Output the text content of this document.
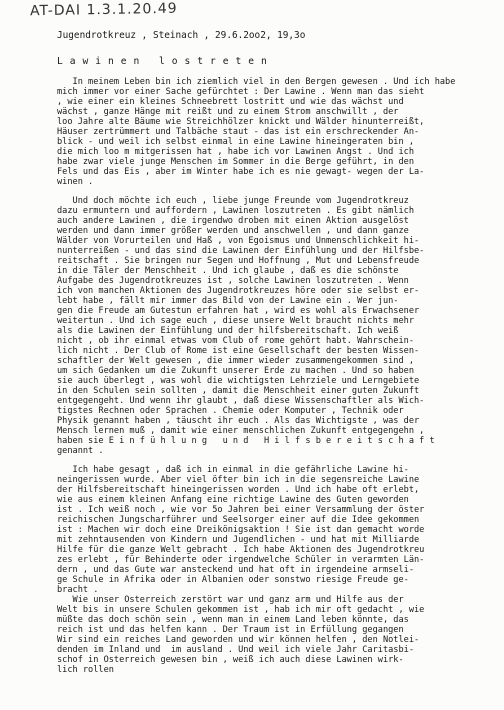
AT-DAI 1.3.1.20.49
Jugendrotkreuz , Steinach , 29.6.2oo2, 19,3o
L a w i n e n   l o s t r e t e n
In meinem Leben bin ich ziemlich viel in den Bergen gewesen . Und ich habe
mich immer vor einer Sache gefürchtet : Der Lawine . Wenn man das sieht
, wie einer ein kleines Schneebrett lostritt und wie das wächst und
wächst , ganze Hänge mit reißt und zu einem Strom anschwillt , der
loo Jahre alte Bäume wie Streichhölzer knickt und Wälder hinunterreißt,
Häuser zertrümmert und Talbäche staut - das ist ein erschreckender An-
blick - und weil ich selbst einmal in eine Lawine hineingeraten bin ,
die mich loo m mitgerissen hat , habe ich vor Lawinen Angst . Und ich
habe zwar viele junge Menschen im Sommer in die Berge geführt, in den
Fels und das Eis , aber im Winter habe ich es nie gewagt- wegen der La-
winen .
Und doch möchte ich euch , liebe junge Freunde vom Jugendrotkreuz
dazu ermuntern und auffordern , Lawinen loszutreten . Es gibt nämlich
auch andere Lawinen , die irgendwo droben mit einen Aktion ausgelöst
werden und dann immer größer werden und anschwellen , und dann ganze
Wälder von Vorurteilen und Haß , von Egoismus und Unmenschlichkeit hi-
nunterreißen - und das sind die Lawinen der Einfühlung und der Hilfsbe-
reitschaft . Sie bringen nur Segen und Hoffnung , Mut und Lebensfreude
in die Täler der Menschheit . Und ich glaube , daß es die schönste
Aufgabe des Jugendrotkreuzes ist , solche Lawinen loszutreten . Wenn
ich von manchen Aktionen des Jugendrotkreuzes höre oder sie selbst er-
lebt habe , fällt mir immer das Bild von der Lawine ein . Wer jun-
gen die Freude am Gutestun erfahren hat , wird es wohl als Erwachsener
weitertun . Und ich sage euch , diese unsere Welt braucht nichts mehr
als die Lawinen der Einfühlung und der hilfsbereitschaft. Ich weiß
nicht , ob ihr einmal etwas vom Club of rome gehört habt. Wahrschein-
lich nicht . Der Club of Rome ist eine Gesellschaft der besten Wissen-
schaftler der Welt gewesen , die immer wieder zusammengekommen sind ,
um sich Gedanken um die Zukunft unserer Erde zu machen . Und so haben
sie auch überlegt , was wohl die wichtigsten Lehrziele und Lerngebiete
in den Schulen sein sollten , damit die Menschheit einer guten Zukunft
entgegengeht. Und wenn ihr glaubt , daß diese Wissenschaftler als Wich-
tigstes Rechnen oder Sprachen . Chemie oder Komputer , Technik oder
Physik genannt haben , täuscht ihr euch . Als das Wichtigste , was der
Mensch lernen muß , damit wie einer menschlichen Zukunft entgegengehn ,
haben sie E i n f ü h l u n g   u n d   H i l f s b e r e i t s c h a f t
genannt .
Ich habe gesagt , daß ich in einmal in die gefährliche Lawine hi-
neingerissen wurde. Aber viel öfter bin ich in die segensreiche Lawine
der Hilfsbereitschaft hineingerissen worden . Und ich habe oft erlebt,
wie aus einem kleinen Anfang eine richtige Lawine des Guten geworden
ist . Ich weiß noch , wie vor 5o Jahren bei einer Versammlung der öster
reichischen Jungscharführer und Seelsorger einer auf die Idee gekommen
ist : Machen wir doch eine Dreikönigsaktion ! Sie ist dan gemacht worde
mit zehntausenden von Kindern und Jugendlichen - und hat mit Milliarde
Hilfe für die ganze Welt gebracht . Ich habe Aktionen des Jugendrotkreu
zes erlebt , für Behinderte oder irgendwelche Schüler in verarmten Län-
dern , und das Gute war ansteckend und hat oft in irgendeine armseli-
ge Schule in Afrika oder in Albanien oder sonstwo riesige Freude ge-
bracht .
Wie unser Österreich zerstört war und ganz arm und Hilfe aus der
Welt bis in unsere Schulen gekommen ist , hab ich mir oft gedacht , wie
müßte das doch schön sein , wenn man in einem Land leben könnte, das
reich ist und das helfen kann . Der Traum ist in Erfüllung gegangen
Wir sind ein reiches Land geworden und wir können helfen , den Notlei-
denden im Inland und  im ausland . Und weil ich viele Jahr Caritasbi-
schof in Österreich gewesen bin , weiß ich auch diese Lawinen wirk-
lich rollen
